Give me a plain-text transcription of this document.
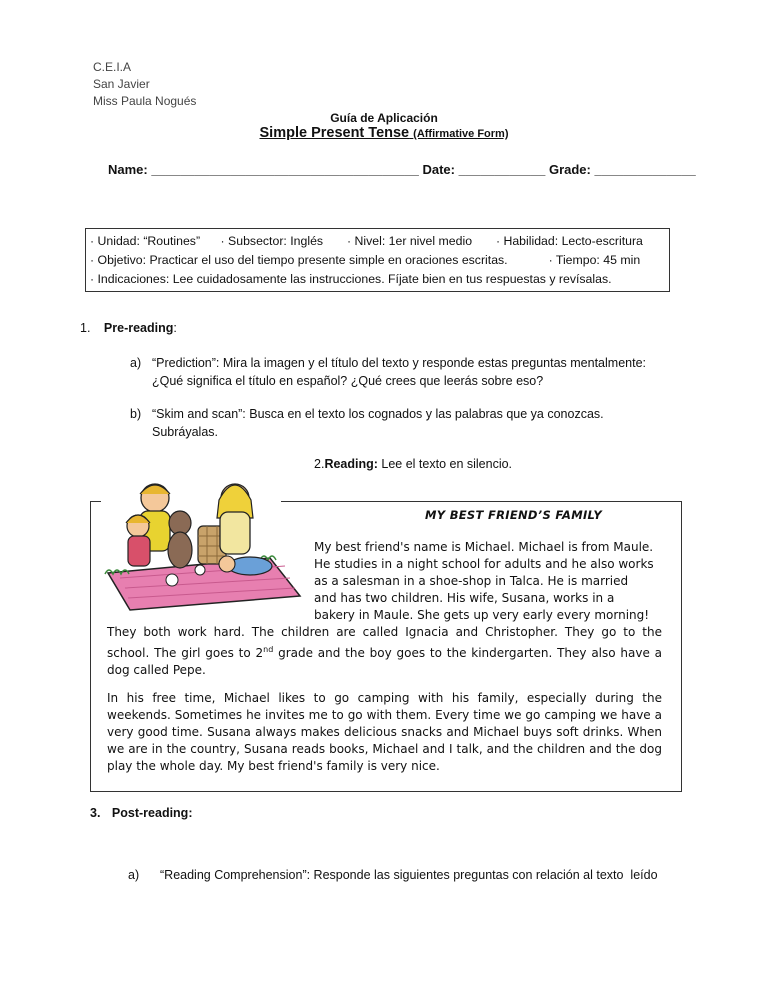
C.E.I.A
San Javier
Miss Paula Nogués
Guía de Aplicación
Simple Present Tense (Affirmative Form)
Name: _____________________________________ Date: ____________ Grade: ______________
· Unidad: “Routines”      · Subsector: Inglés       · Nivel: 1er nivel medio       · Habilidad: Lecto-escritura
· Objetivo: Practicar el uso del tiempo presente simple en oraciones escritas.            · Tiempo: 45 min
· Indicaciones: Lee cuidadosamente las instrucciones. Fíjate bien en tus respuestas y revísalas.
1. Pre-reading:
a) “Prediction”: Mira la imagen y el título del texto y responde estas preguntas mentalmente:
¿Qué significa el título en español? ¿Qué crees que leerás sobre eso?
b) “Skim and scan”: Busca en el texto los cognados y las palabras que ya conozcas.
Subráyalas.
2.Reading: Lee el texto en silencio.
MY BEST FRIEND’S FAMILY

My best friend's name is Michael. Michael is from Maule.

He studies in a night school for adults and he also works

as a salesman in a shoe-shop in Talca. He is married

and has two children. His wife, Susana, works in a

bakery in Maule. She gets up very early every morning!

They both work hard. The children are called Ignacia and Christopher. They go to the school. The girl goes to 2nd grade and the boy goes to the kindergarten. They also have a dog called Pepe.
In his free time, Michael likes to go camping with his family, especially during the weekends. Sometimes he invites me to go with them. Every time we go camping we have a very good time. Susana always makes delicious snacks and Michael buys soft drinks. When we are in the country, Susana reads books, Michael and I talk, and the children and the dog play the whole day. My best friend's family is very nice.
3. Post-reading:
a) “Reading Comprehension”: Responde las siguientes preguntas con relación al texto  leído
